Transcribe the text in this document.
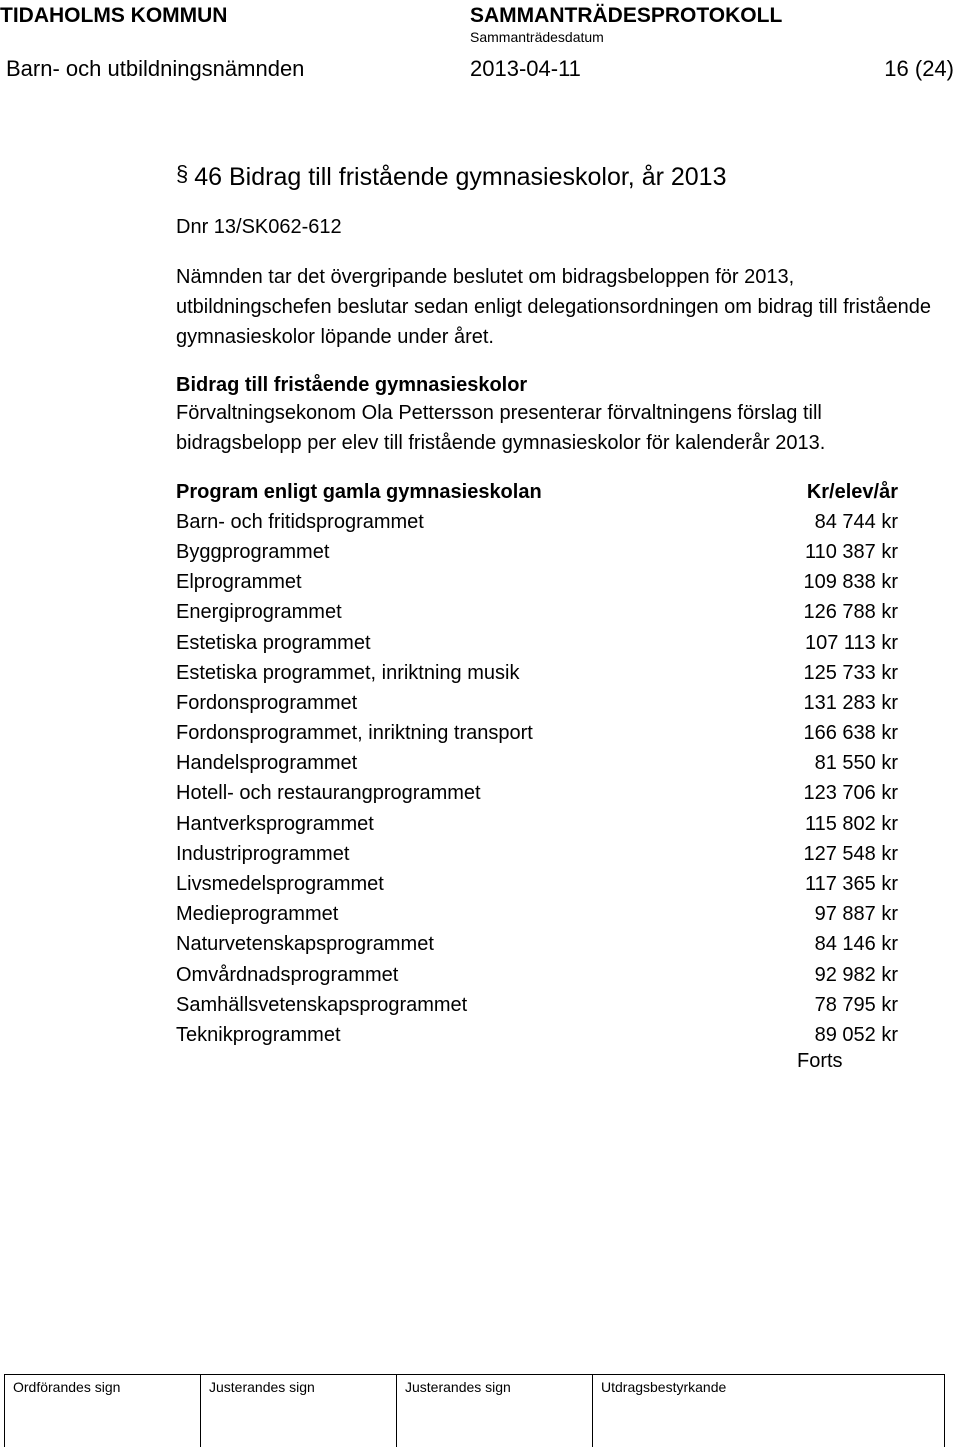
TIDAHOLMS KOMMUN	SAMMANTRÄDESPROTOKOLL
Sammanträdesdatum
Barn- och utbildningsnämnden	2013-04-11	16 (24)
§ 46 Bidrag till fristående gymnasieskolor, år 2013
Dnr 13/SK062-612
Nämnden tar det övergripande beslutet om bidragsbeloppen för 2013, utbildningschefen beslutar sedan enligt delegationsordningen om bidrag till fristående gymnasieskolor löpande under året.
Bidrag till fristående gymnasieskolor
Förvaltningsekonom Ola Pettersson presenterar förvaltningens förslag till bidragsbelopp per elev till fristående gymnasieskolor för kalenderår 2013.
Program enligt gamla gymnasieskolan	Kr/elev/år
Barn- och fritidsprogrammet	84 744 kr
Byggprogrammet	110 387 kr
Elprogrammet	109 838 kr
Energiprogrammet	126 788 kr
Estetiska programmet	107 113 kr
Estetiska programmet, inriktning musik	125 733 kr
Fordonsprogrammet	131 283 kr
Fordonsprogrammet, inriktning transport	166 638 kr
Handelsprogrammet	81 550 kr
Hotell- och restaurangprogrammet	123 706 kr
Hantverksprogrammet	115 802 kr
Industriprogrammet	127 548 kr
Livsmedelsprogrammet	117 365 kr
Medieprogrammet	97 887 kr
Naturvetenskapsprogrammet	84 146 kr
Omvårdnadsprogrammet	92 982 kr
Samhällsvetenskapsprogrammet	78 795 kr
Teknikprogrammet	89 052 kr
Forts
Ordförandes sign	Justerandes sign	Justerandes sign	Utdragsbestyrkande
